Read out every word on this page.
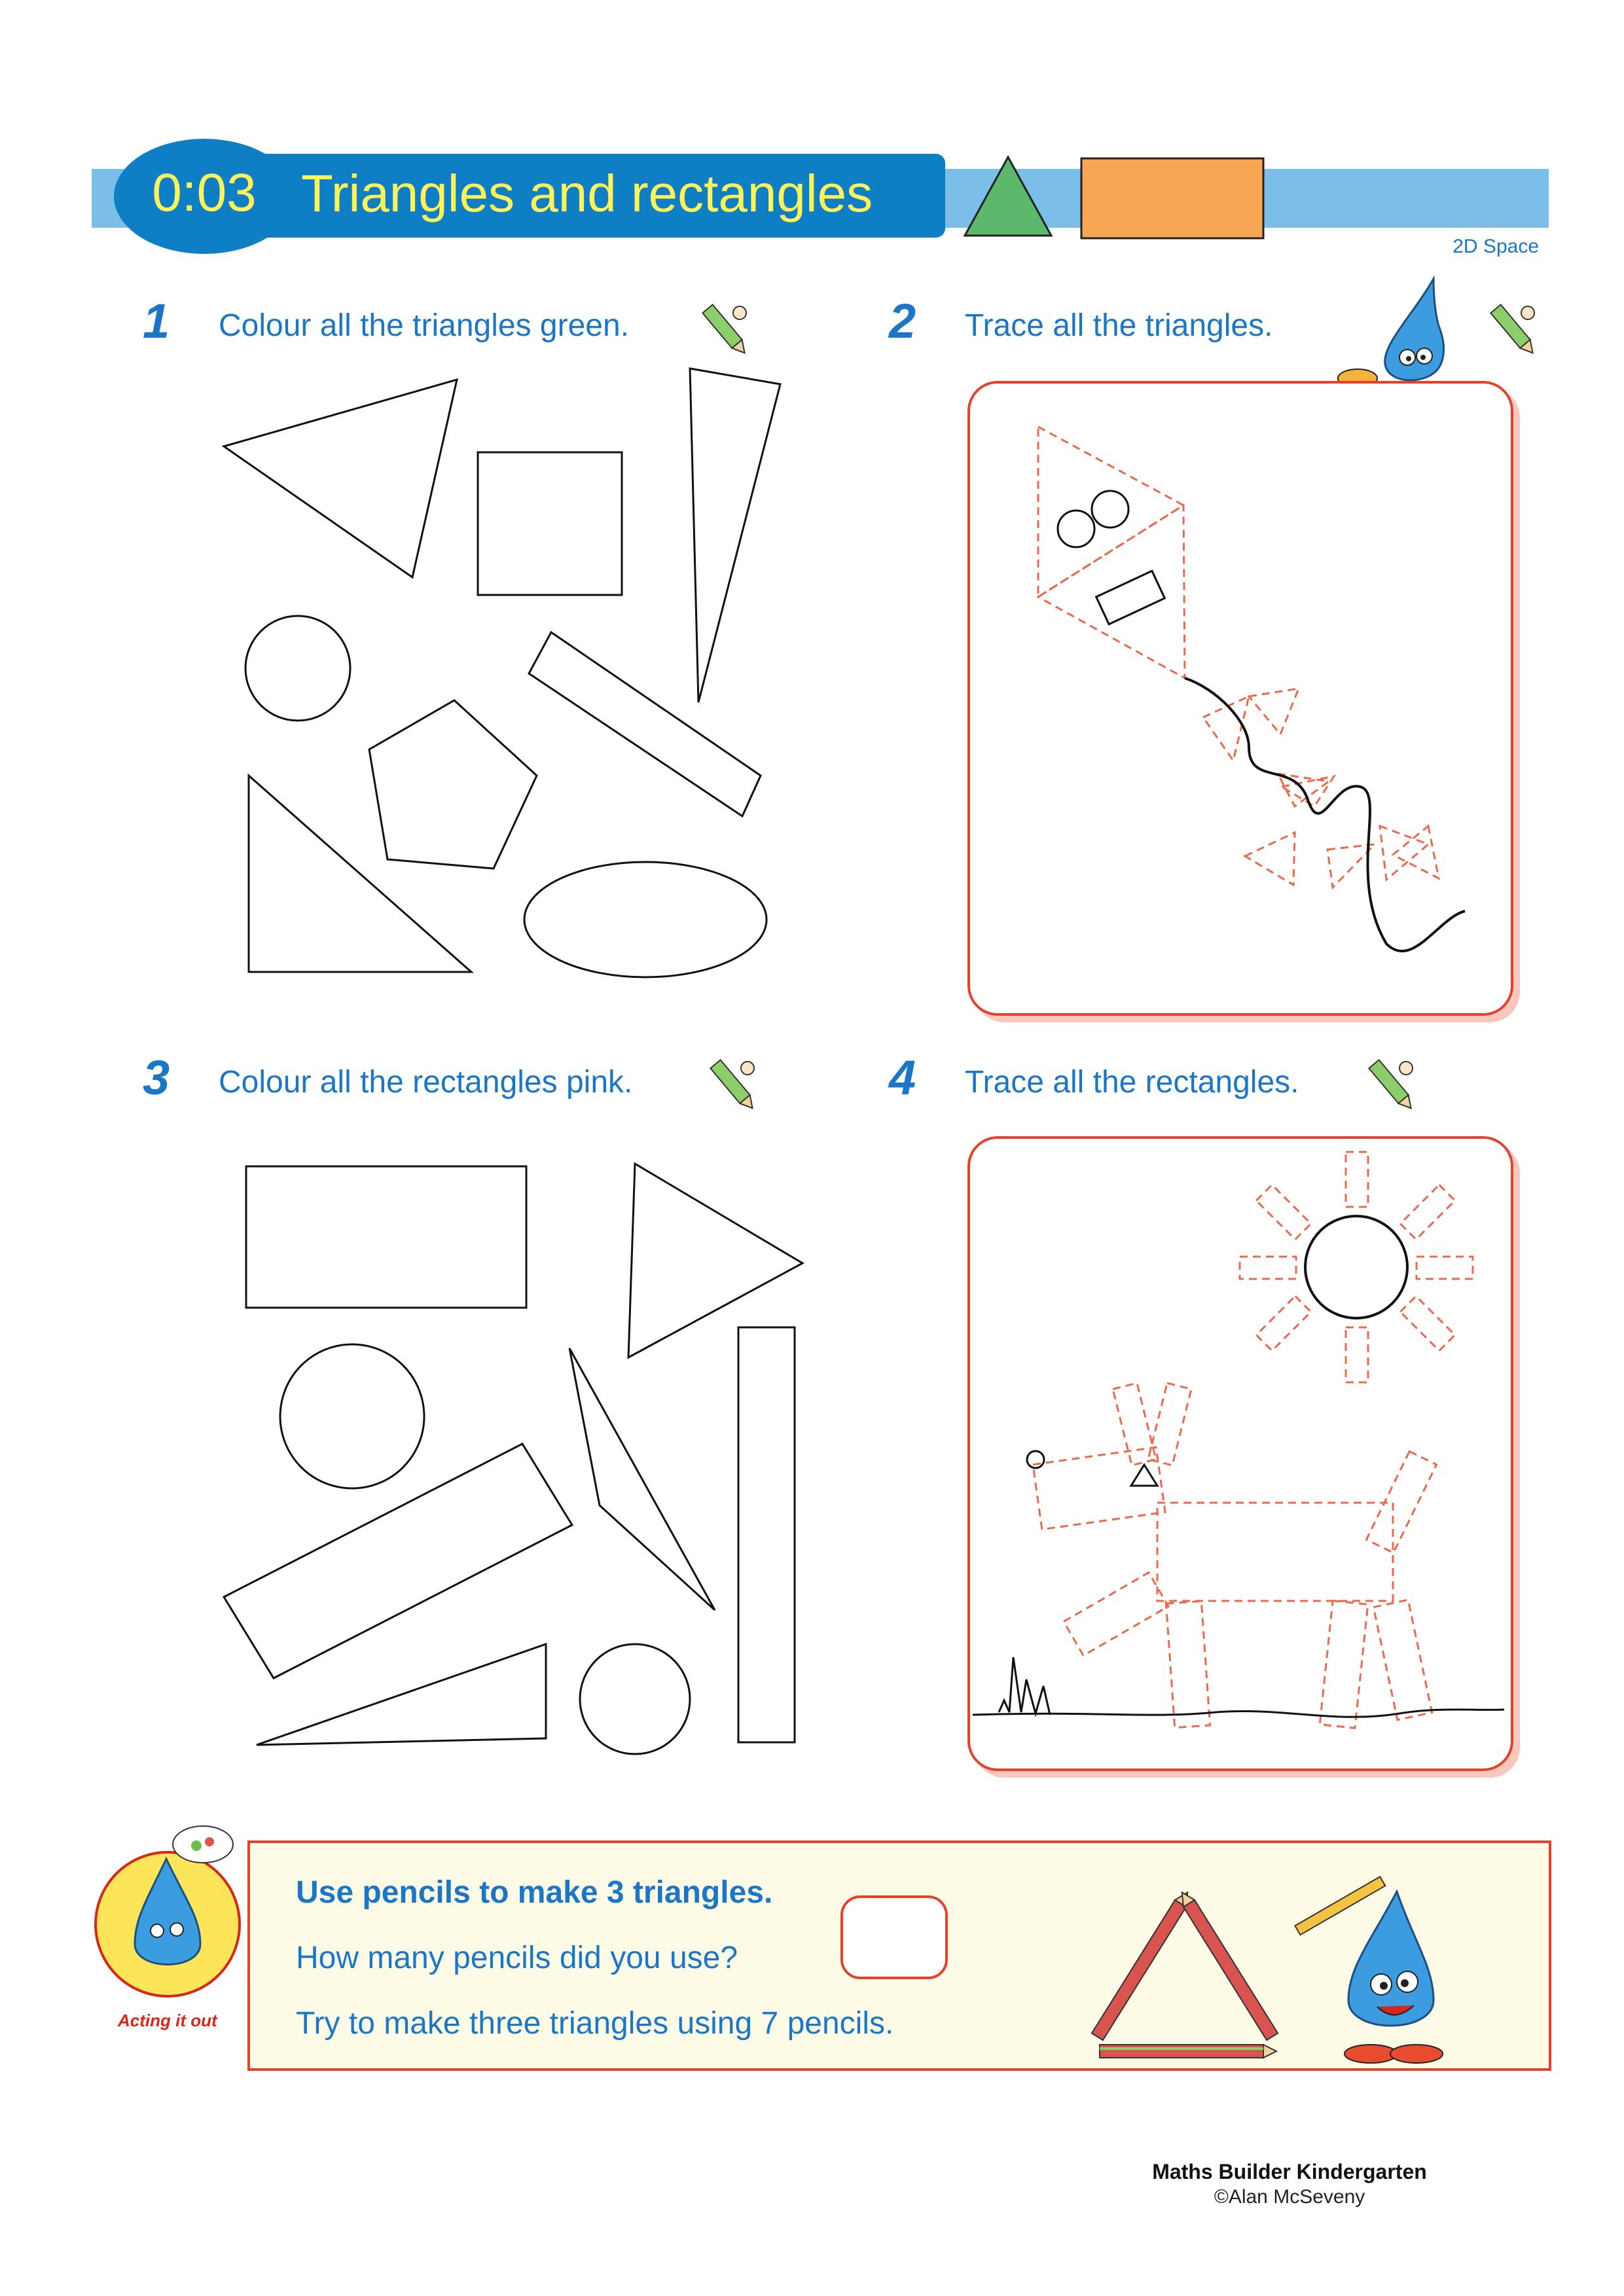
0:03 Triangles and rectangles
2D Space
1 Colour all the triangles green.	2 Trace all the triangles.
3 Colour all the rectangles pink.	4 Trace all the rectangles.
Acting it out
Use pencils to make 3 triangles.
How many pencils did you use?
Try to make three triangles using 7 pencils.
Maths Builder Kindergarten
©Alan McSeveny
